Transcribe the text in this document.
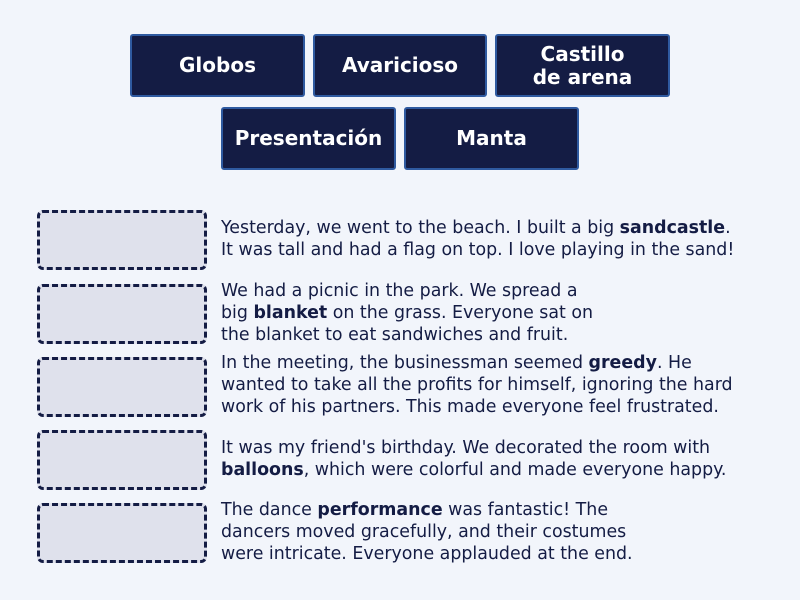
Globos	Avaricioso	Castillo
de arena
Presentación	Manta
Yesterday, we went to the beach. I built a big sandcastle.
It was tall and had a flag on top. I love playing in the sand!
We had a picnic in the park. We spread a
big blanket on the grass. Everyone sat on
the blanket to eat sandwiches and fruit.
In the meeting, the businessman seemed greedy. He
wanted to take all the profits for himself, ignoring the hard
work of his partners. This made everyone feel frustrated.
It was my friend's birthday. We decorated the room with
balloons, which were colorful and made everyone happy.
The dance performance was fantastic! The
dancers moved gracefully, and their costumes
were intricate. Everyone applauded at the end.
